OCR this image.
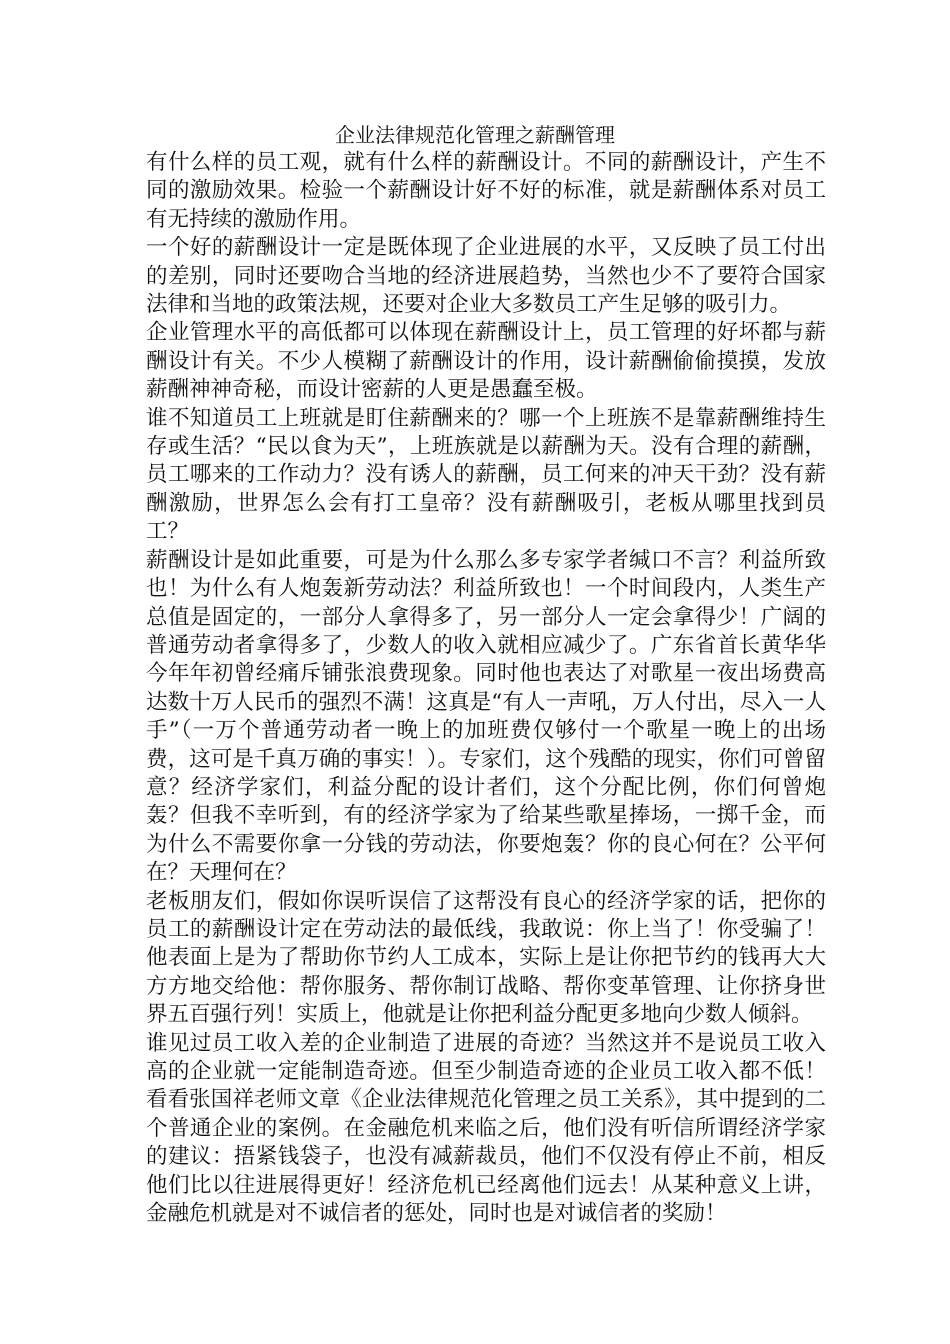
企业法律规范化管理之薪酬管理

有什么样的员工观，就有什么样的薪酬设计。不同的薪酬设计，产生不同的激励效果。检验一个薪酬设计好不好的标准，就是薪酬体系对员工有无持续的激励作用。

一个好的薪酬设计一定是既体现了企业进展的水平，又反映了员工付出的差别，同时还要吻合当地的经济进展趋势，当然也少不了要符合国家法律和当地的政策法规，还要对企业大多数员工产生足够的吸引力。

企业管理水平的高低都可以体现在薪酬设计上，员工管理的好坏都与薪酬设计有关。不少人模糊了薪酬设计的作用，设计薪酬偷偷摸摸，发放薪酬神神奇秘，而设计密薪的人更是愚蠢至极。

谁不知道员工上班就是盯住薪酬来的？哪一个上班族不是靠薪酬维持生存或生活？“民以食为天”，上班族就是以薪酬为天。没有合理的薪酬，员工哪来的工作动力？没有诱人的薪酬，员工何来的冲天干劲？没有薪酬激励，世界怎么会有打工皇帝？没有薪酬吸引，老板从哪里找到员工？

薪酬设计是如此重要，可是为什么那么多专家学者缄口不言？利益所致也！为什么有人炮轰新劳动法？利益所致也！一个时间段内，人类生产总值是固定的，一部分人拿得多了，另一部分人一定会拿得少！广阔的普通劳动者拿得多了，少数人的收入就相应减少了。广东省首长黄华华今年年初曾经痛斥铺张浪费现象。同时他也表达了对歌星一夜出场费高达数十万人民币的强烈不满！这真是“有人一声吼，万人付出，尽入一人手”（一万个普通劳动者一晚上的加班费仅够付一个歌星一晚上的出场费，这可是千真万确的事实！）。专家们，这个残酷的现实，你们可曾留意？经济学家们，利益分配的设计者们，这个分配比例，你们何曾炮轰？但我不幸听到，有的经济学家为了给某些歌星捧场，一掷千金，而为什么不需要你拿一分钱的劳动法，你要炮轰？你的良心何在？公平何在？天理何在？

老板朋友们，假如你误听误信了这帮没有良心的经济学家的话，把你的员工的薪酬设计定在劳动法的最低线，我敢说：你上当了！你受骗了！他表面上是为了帮助你节约人工成本，实际上是让你把节约的钱再大大方方地交给他：帮你服务、帮你制订战略、帮你变革管理、让你挤身世界五百强行列！实质上，他就是让你把利益分配更多地向少数人倾斜。

谁见过员工收入差的企业制造了进展的奇迹？当然这并不是说员工收入高的企业就一定能制造奇迹。但至少制造奇迹的企业员工收入都不低！看看张国祥老师文章《企业法律规范化管理之员工关系》，其中提到的二个普通企业的案例。在金融危机来临之后，他们没有听信所谓经济学家的建议：捂紧钱袋子，也没有减薪裁员，他们不仅没有停止不前，相反他们比以往进展得更好！经济危机已经离他们远去！从某种意义上讲，金融危机就是对不诚信者的惩处，同时也是对诚信者的奖励！
